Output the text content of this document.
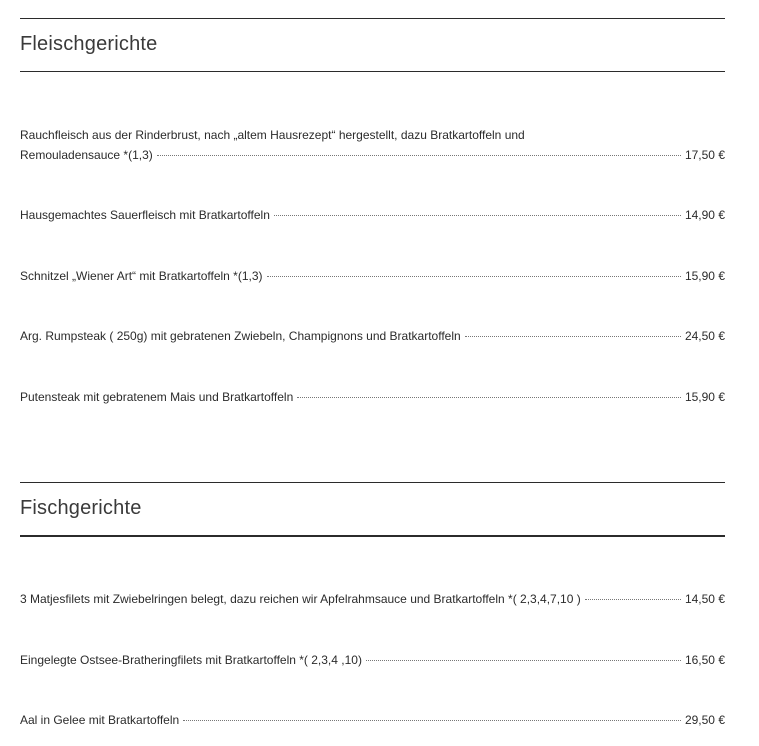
Fleischgerichte
Rauchfleisch aus der Rinderbrust, nach „altem Hausrezept“ hergestellt, dazu Bratkartoffeln und
Remouladensauce *(1,3)	17,50 €
Hausgemachtes Sauerfleisch mit Bratkartoffeln	14,90 €
Schnitzel „Wiener Art“ mit Bratkartoffeln *(1,3)	15,90 €
Arg. Rumpsteak ( 250g) mit gebratenen Zwiebeln, Champignons und Bratkartoffeln	24,50 €
Putensteak mit gebratenem Mais und Bratkartoffeln	15,90 €
Fischgerichte
3 Matjesfilets mit Zwiebelringen belegt, dazu reichen wir Apfelrahmsauce und Bratkartoffeln *( 2,3,4,7,10 )	14,50 €
Eingelegte Ostsee-Bratheringfilets mit Bratkartoffeln *( 2,3,4 ,10)	16,50 €
Aal in Gelee mit Bratkartoffeln	29,50 €
